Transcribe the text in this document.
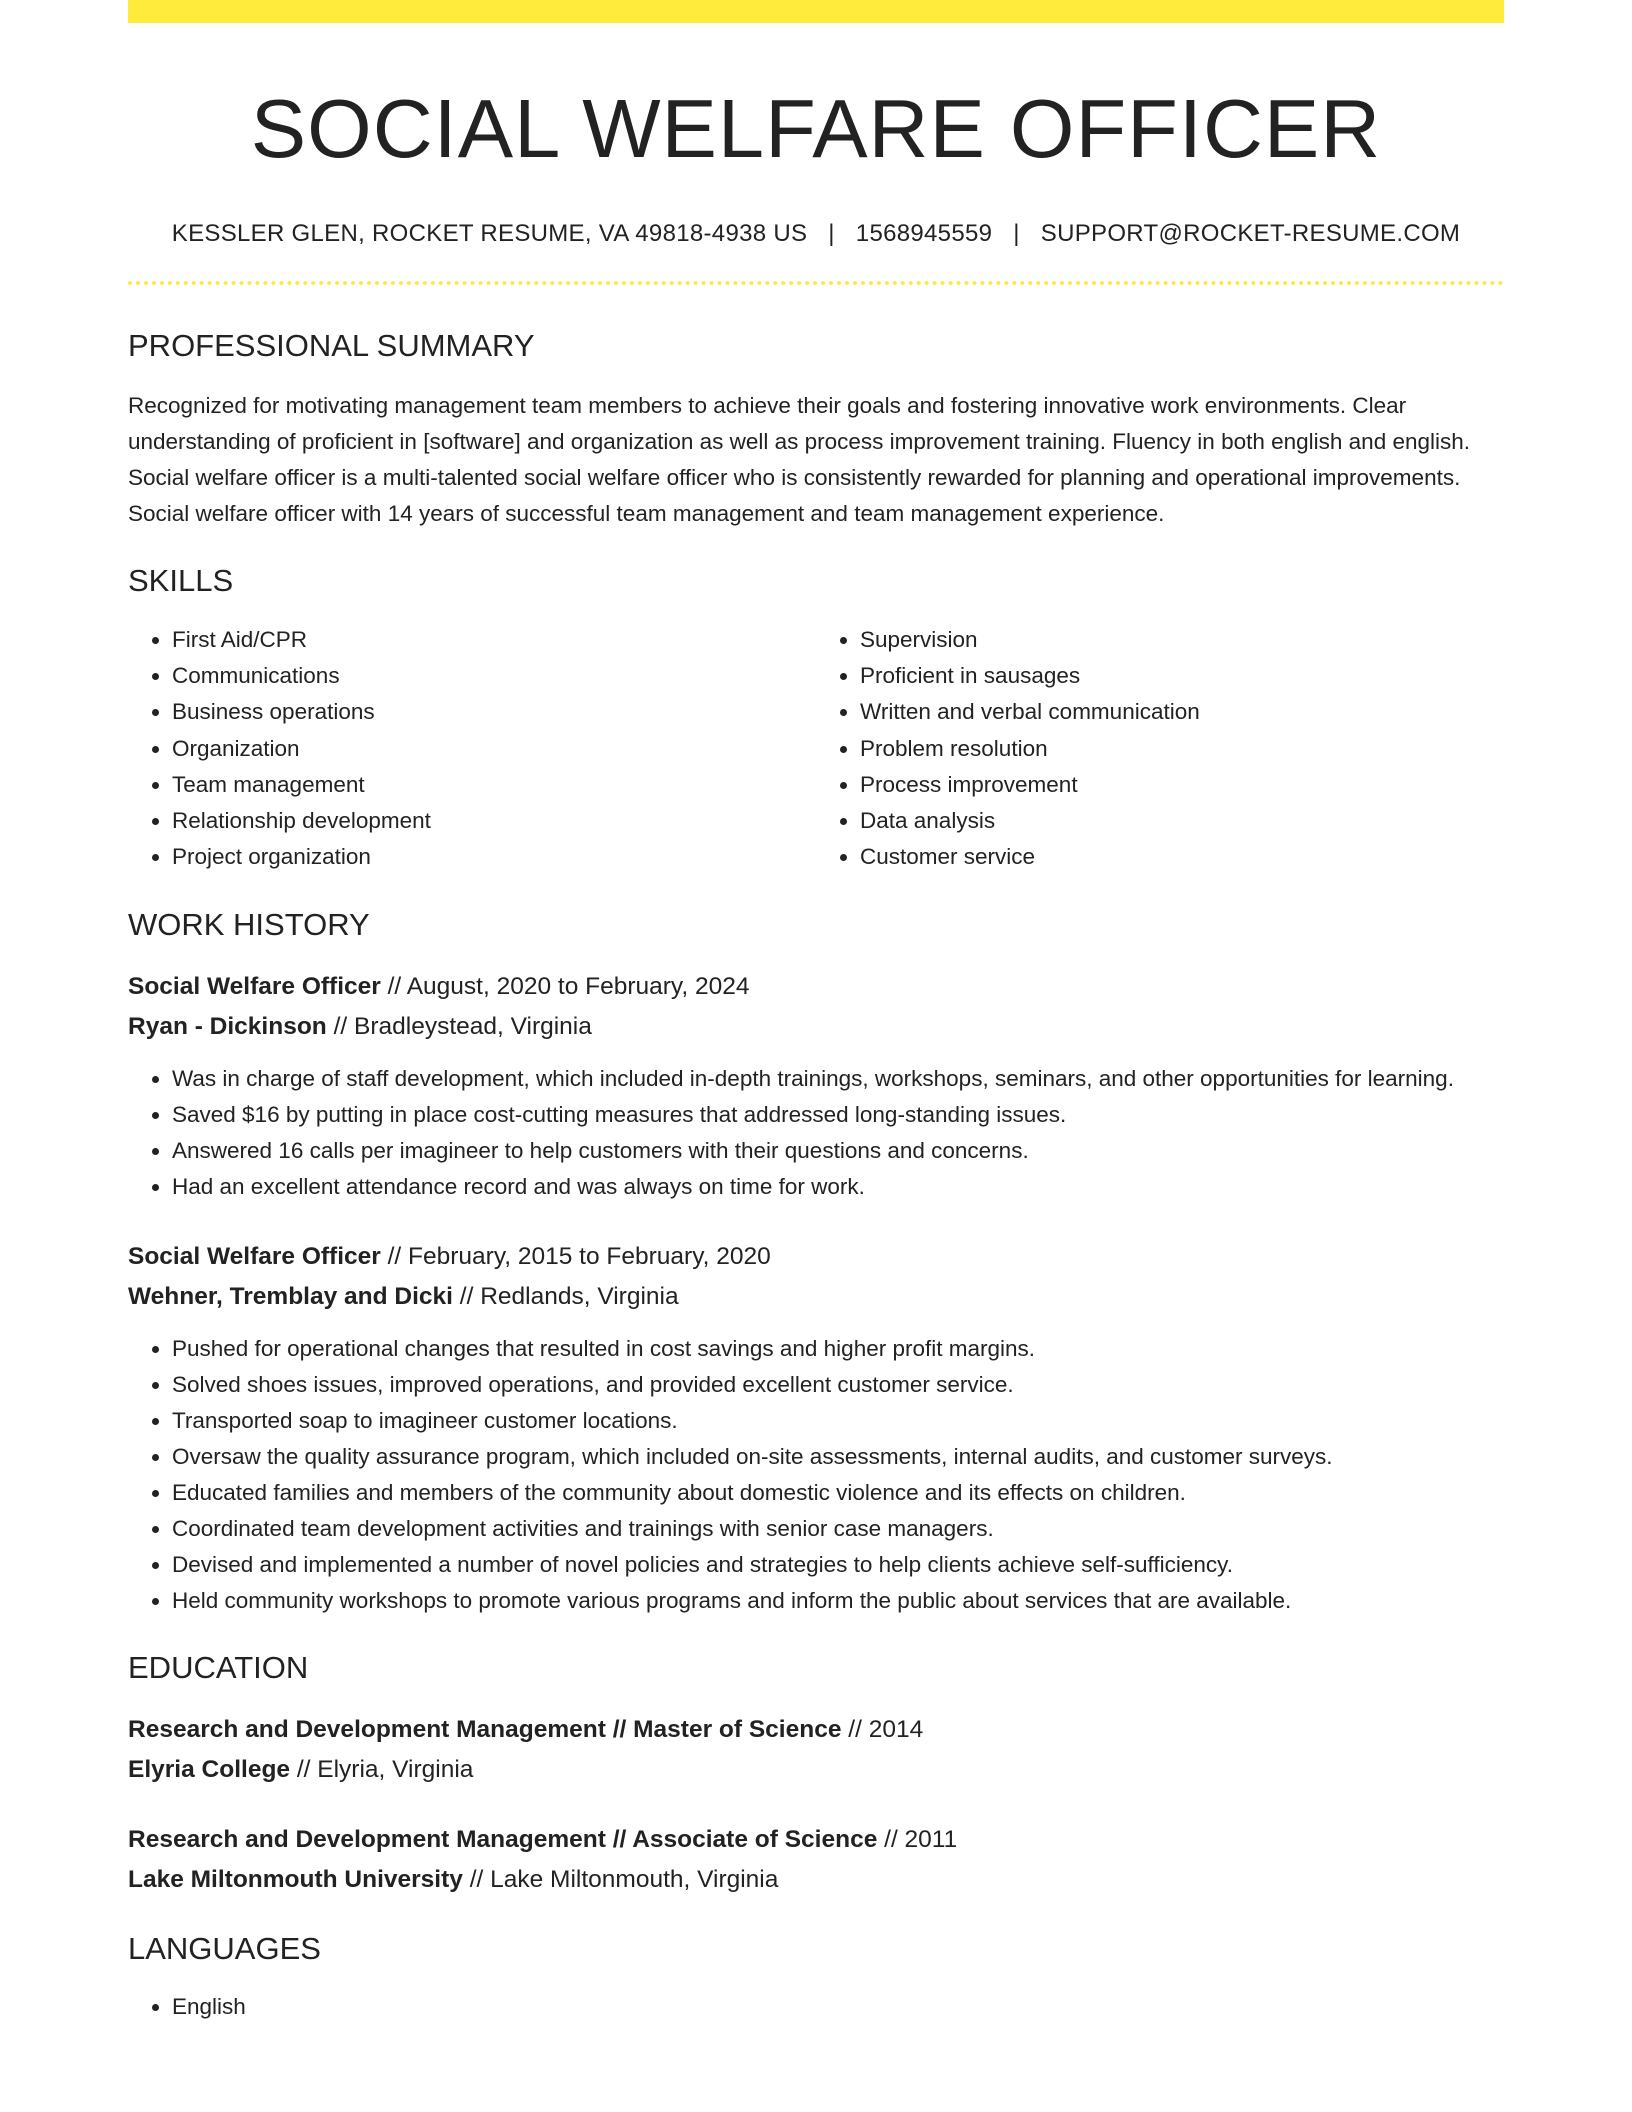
SOCIAL WELFARE OFFICER
KESSLER GLEN, ROCKET RESUME, VA 49818-4938 US | 1568945559 | SUPPORT@ROCKET-RESUME.COM
PROFESSIONAL SUMMARY

Recognized for motivating management team members to achieve their goals and fostering innovative work environments. Clear understanding of proficient in [software] and organization as well as process improvement training. Fluency in both english and english. Social welfare officer is a multi-talented social welfare officer who is consistently rewarded for planning and operational improvements. Social welfare officer with 14 years of successful team management and team management experience.

SKILLS
• First Aid/CPR
• Communications
• Business operations
• Organization
• Team management
• Relationship development
• Project organization
• Supervision
• Proficient in sausages
• Written and verbal communication
• Problem resolution
• Process improvement
• Data analysis
• Customer service
WORK HISTORY
Social Welfare Officer // August, 2020 to February, 2024
Ryan - Dickinson // Bradleystead, Virginia
• Was in charge of staff development, which included in-depth trainings, workshops, seminars, and other opportunities for learning.
• Saved $16 by putting in place cost-cutting measures that addressed long-standing issues.
• Answered 16 calls per imagineer to help customers with their questions and concerns.
• Had an excellent attendance record and was always on time for work.
Social Welfare Officer // February, 2015 to February, 2020
Wehner, Tremblay and Dicki // Redlands, Virginia
• Pushed for operational changes that resulted in cost savings and higher profit margins.
• Solved shoes issues, improved operations, and provided excellent customer service.
• Transported soap to imagineer customer locations.
• Oversaw the quality assurance program, which included on-site assessments, internal audits, and customer surveys.
• Educated families and members of the community about domestic violence and its effects on children.
• Coordinated team development activities and trainings with senior case managers.
• Devised and implemented a number of novel policies and strategies to help clients achieve self-sufficiency.
• Held community workshops to promote various programs and inform the public about services that are available.
EDUCATION
Research and Development Management // Master of Science // 2014
Elyria College // Elyria, Virginia
Research and Development Management // Associate of Science // 2011
Lake Miltonmouth University // Lake Miltonmouth, Virginia
LANGUAGES
• English
